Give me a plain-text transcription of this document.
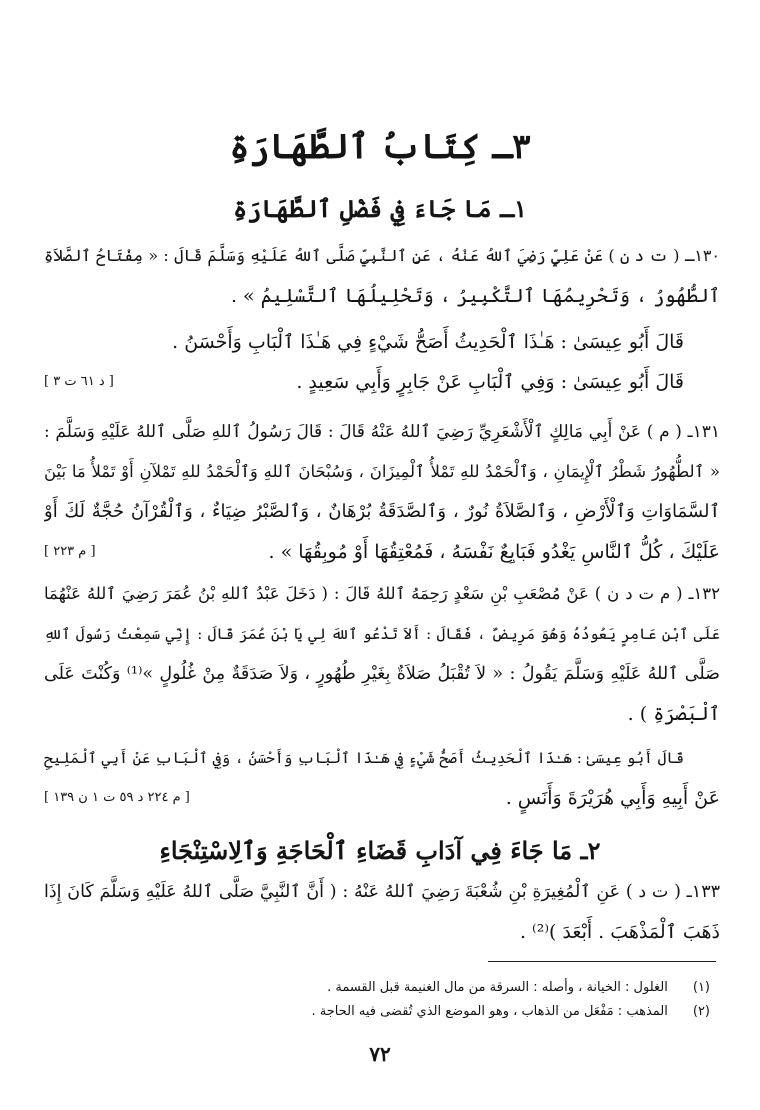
٣ـ كِتَابُ ٱلطَّهَارَةِ
١ـ مَا جَاءَ فِي فَضْلِ ٱلطَّهَارَةِ
١٣٠ـ ( ت د ن ) عَنْ عَلِيٍّ رَضِيَ ٱللهُ عَنْهُ ، عَنِ ٱلنَّبِيِّ صَلَّى ٱللهُ عَلَيْهِ وَسَلَّمَ قَالَ : « مِفْتَاحُ ٱلصَّلاَةِ
ٱلطُّهُورُ ، وَتَحْرِيمُهَا ٱلتَّكْبِيرُ ، وَتَحْلِيلُهَا ٱلتَّسْلِيمُ » .
قَالَ أَبُو عِيسَىٰ : هَـٰذَا ٱلْحَدِيثُ أَصَحُّ شَيْءٍ فِي هَـٰذَا ٱلْبَابِ وَأَحْسَنُ .
[ د ٦١ ت ٣ ]	قَالَ أَبُو عِيسَىٰ : وَفِي ٱلْبَابِ عَنْ جَابِرٍ وَأَبِي سَعِيدٍ .
١٣١ـ ( م ) عَنْ أَبِي مَالِكٍ ٱلْأَشْعَرِيِّ رَضِيَ ٱللهُ عَنْهُ قَالَ : قَالَ رَسُولُ ٱللهِ صَلَّى ٱللهُ عَلَيْهِ وَسَلَّمَ :
« ٱلطُّهُورُ شَطْرُ ٱلْإِيمَانِ ، وَٱلْحَمْدُ للهِ تَمْلأُ ٱلْمِيزَانَ ، وَسُبْحَانَ ٱللهِ وَٱلْحَمْدُ للهِ تَمْلآنِ أَوْ تَمْلأُ مَا بَيْنَ
ٱلسَّمَاوَاتِ وَٱلْأَرْضِ ، وَٱلصَّلاَةُ نُورٌ ، وَٱلصَّدَقَةُ بُرْهَانٌ ، وَٱلصَّبْرُ ضِيَاءٌ ، وَٱلْقُرْآنُ حُجَّةٌ لَكَ أَوْ
[ م ٢٢٣ ]	عَلَيْكَ ، كُلُّ ٱلنَّاسِ يَغْدُو فَبَايِعٌ نَفْسَهُ ، فَمُعْتِقُهَا أَوْ مُوبِقُهَا » .
١٣٢ـ ( م ت د ن ) عَنْ مُصْعَبِ بْنِ سَعْدٍ رَحِمَهُ ٱللهُ قَالَ : ( دَخَلَ عَبْدُ ٱللهِ بْنُ عُمَرَ رَضِيَ ٱللهُ عَنْهُمَا
عَلَى ٱبْنِ عَامِرٍ يَعُودُهُ وَهُوَ مَرِيضٌ ، فَقَالَ : أَلاَ تَدْعُو ٱللهَ لِي يَا بْنَ عُمَرَ قَالَ : إِنِّي سَمِعْتُ رَسُولَ ٱللهِ
صَلَّى ٱللهُ عَلَيْهِ وَسَلَّمَ يَقُولُ : « لاَ تُقْبَلُ صَلاَةٌ بِغَيْرِ طُهُورٍ ، وَلاَ صَدَقَةٌ مِنْ غُلُولٍ »⁽¹⁾ وَكُنْتَ عَلَى
ٱلْبَصْرَةِ ) .
قَالَ أَبُو عِيسَىٰ : هَـٰذَا ٱلْحَدِيثُ أَصَحُّ شَيْءٍ فِي هَـٰذَا ٱلْبَابِ وَأَحْسَنُ ، وَفِي ٱلْبَابِ عَنْ أَبِي ٱلْمَلِيحِ
[ م ٢٢٤ د ٥٩ ت ١ ن ١٣٩ ]	عَنْ أَبِيهِ وَأَبِي هُرَيْرَةَ وَأَنَسٍ .
٢ـ مَا جَاءَ فِي آدَابِ قَضَاءِ ٱلْحَاجَةِ وَٱلِاسْتِنْجَاءِ
١٣٣ـ ( ت د ) عَنِ ٱلْمُغِيرَةِ بْنِ شُعْبَةَ رَضِيَ ٱللهُ عَنْهُ : ( أَنَّ ٱلنَّبِيَّ صَلَّى ٱللهُ عَلَيْهِ وَسَلَّمَ كَانَ إِذَا
ذَهَبَ ٱلْمَذْهَبَ . أَبْعَدَ )⁽²⁾ .
(١) الغلول : الخيانة ، وأصله : السرقة من مال الغنيمة قبل القسمة .
(٢) المذهب : مَفْعَل من الذهاب ، وهو الموضع الذي تُقضى فيه الحاجة .
٧٢
